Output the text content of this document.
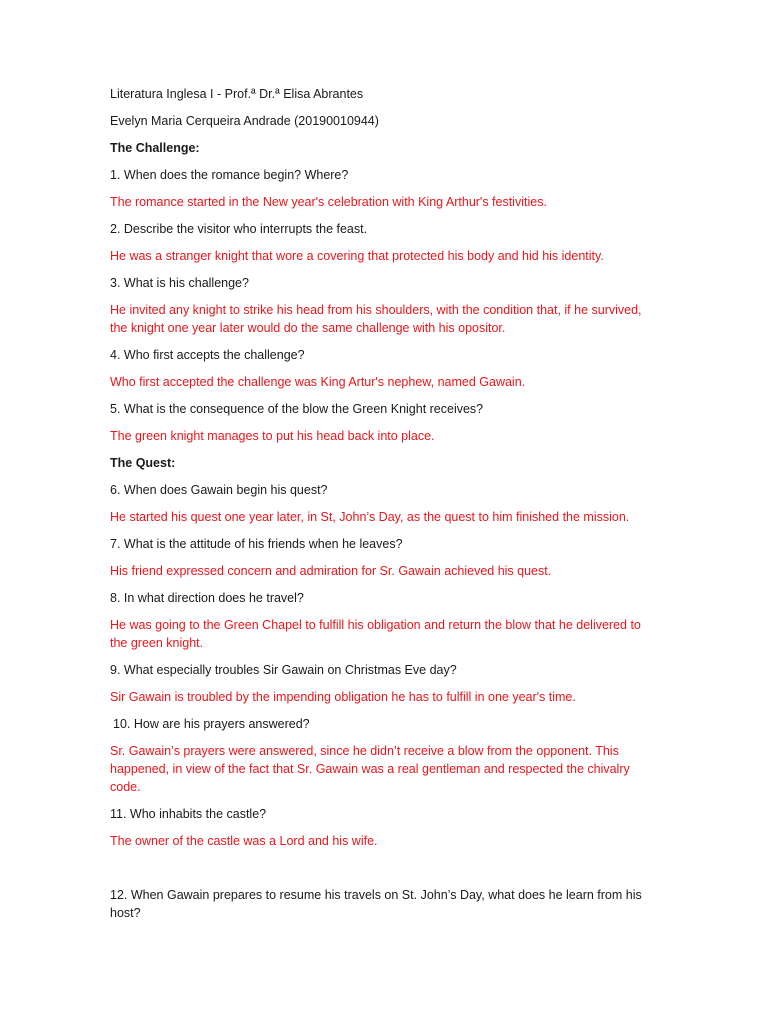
Literatura Inglesa I - Prof.ª Dr.ª Elisa Abrantes

Evelyn Maria Cerqueira Andrade (20190010944)

The Challenge:

1. When does the romance begin? Where?

The romance started in the New year's celebration with King Arthur's festivities.

2. Describe the visitor who interrupts the feast.

He was a stranger knight that wore a covering that protected his body and hid his identity.

3. What is his challenge?

He invited any knight to strike his head from his shoulders, with the condition that, if he survived, the knight one year later would do the same challenge with his opositor.

4. Who first accepts the challenge?

Who first accepted the challenge was King Artur's nephew, named Gawain.

5. What is the consequence of the blow the Green Knight receives?

The green knight manages to put his head back into place.

The Quest:

6. When does Gawain begin his quest?

He started his quest one year later, in St, John’s Day, as the quest to him finished the mission.

7. What is the attitude of his friends when he leaves?

His friend expressed concern and admiration for Sr. Gawain achieved his quest.

8. In what direction does he travel?

He was going to the Green Chapel to fulfill his obligation and return the blow that he delivered to the green knight.

9. What especially troubles Sir Gawain on Christmas Eve day?

Sir Gawain is troubled by the impending obligation he has to fulfill in one year's time.

10. How are his prayers answered?

Sr. Gawain’s prayers were answered, since he didn’t receive a blow from the opponent. This happened, in view of the fact that Sr. Gawain was a real gentleman and respected the chivalry code.

11. Who inhabits the castle?

The owner of the castle was a Lord and his wife.

12. When Gawain prepares to resume his travels on St. John’s Day, what does he learn from his host?
